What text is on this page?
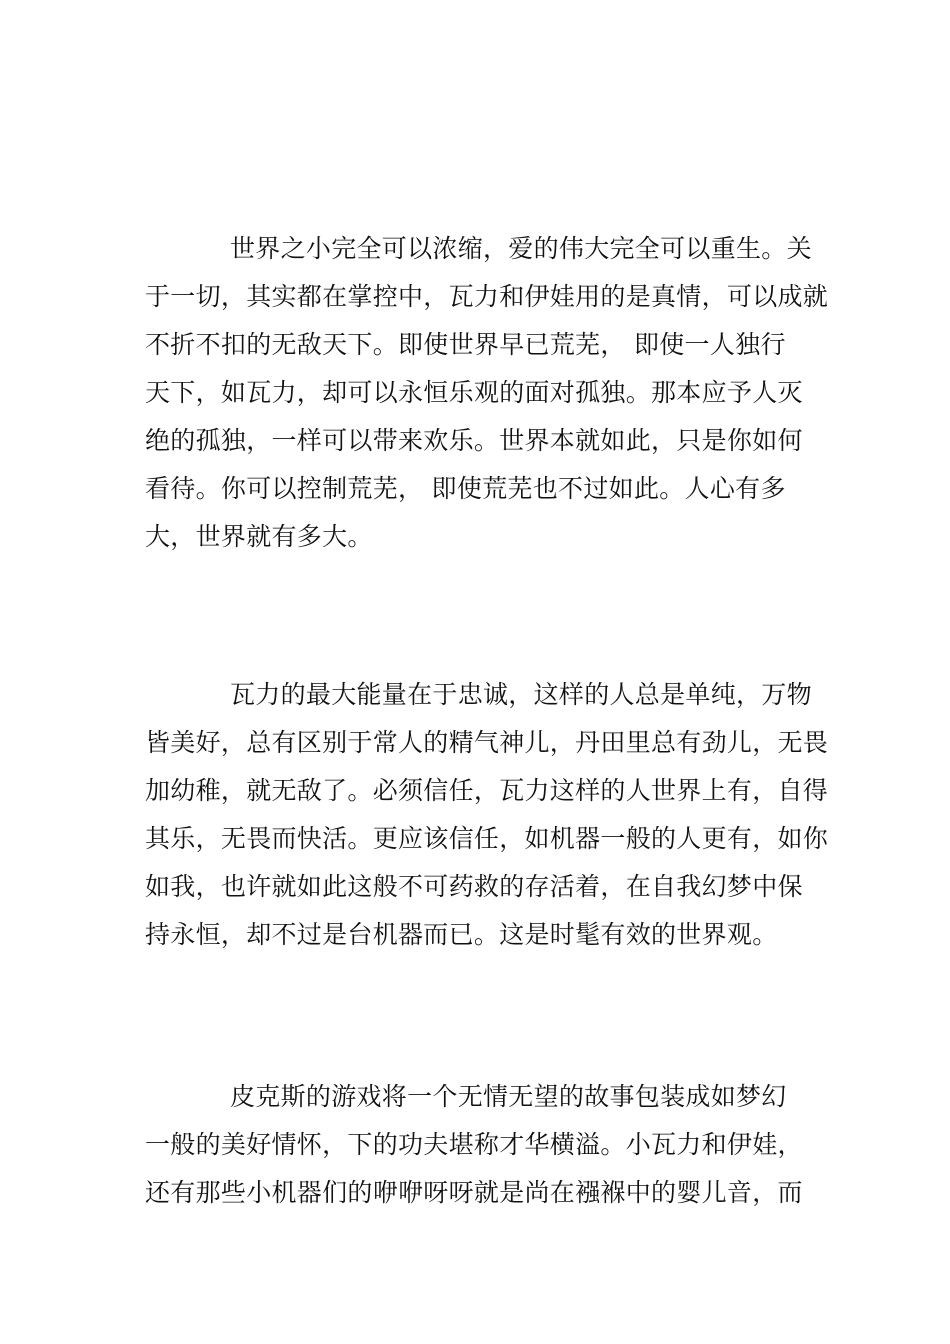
世界之小完全可以浓缩，爱的伟大完全可以重生。关
于一切，其实都在掌控中，瓦力和伊娃用的是真情，可以成就
不折不扣的无敌天下。即使世界早已荒芜， 即使一人独行
天下，如瓦力，却可以永恒乐观的面对孤独。那本应予人灭
绝的孤独，一样可以带来欢乐。世界本就如此，只是你如何
看待。你可以控制荒芜， 即使荒芜也不过如此。人心有多
大，世界就有多大。
瓦力的最大能量在于忠诚，这样的人总是单纯，万物
皆美好，总有区别于常人的精气神儿，丹田里总有劲儿，无畏
加幼稚，就无敌了。必须信任，瓦力这样的人世界上有，自得
其乐，无畏而快活。更应该信任，如机器一般的人更有，如你
如我，也许就如此这般不可药救的存活着，在自我幻梦中保
持永恒，却不过是台机器而已。这是时髦有效的世界观。
皮克斯的游戏将一个无情无望的故事包装成如梦幻
一般的美好情怀，下的功夫堪称才华横溢。小瓦力和伊娃，
还有那些小机器们的咿咿呀呀就是尚在襁褓中的婴儿音，而
